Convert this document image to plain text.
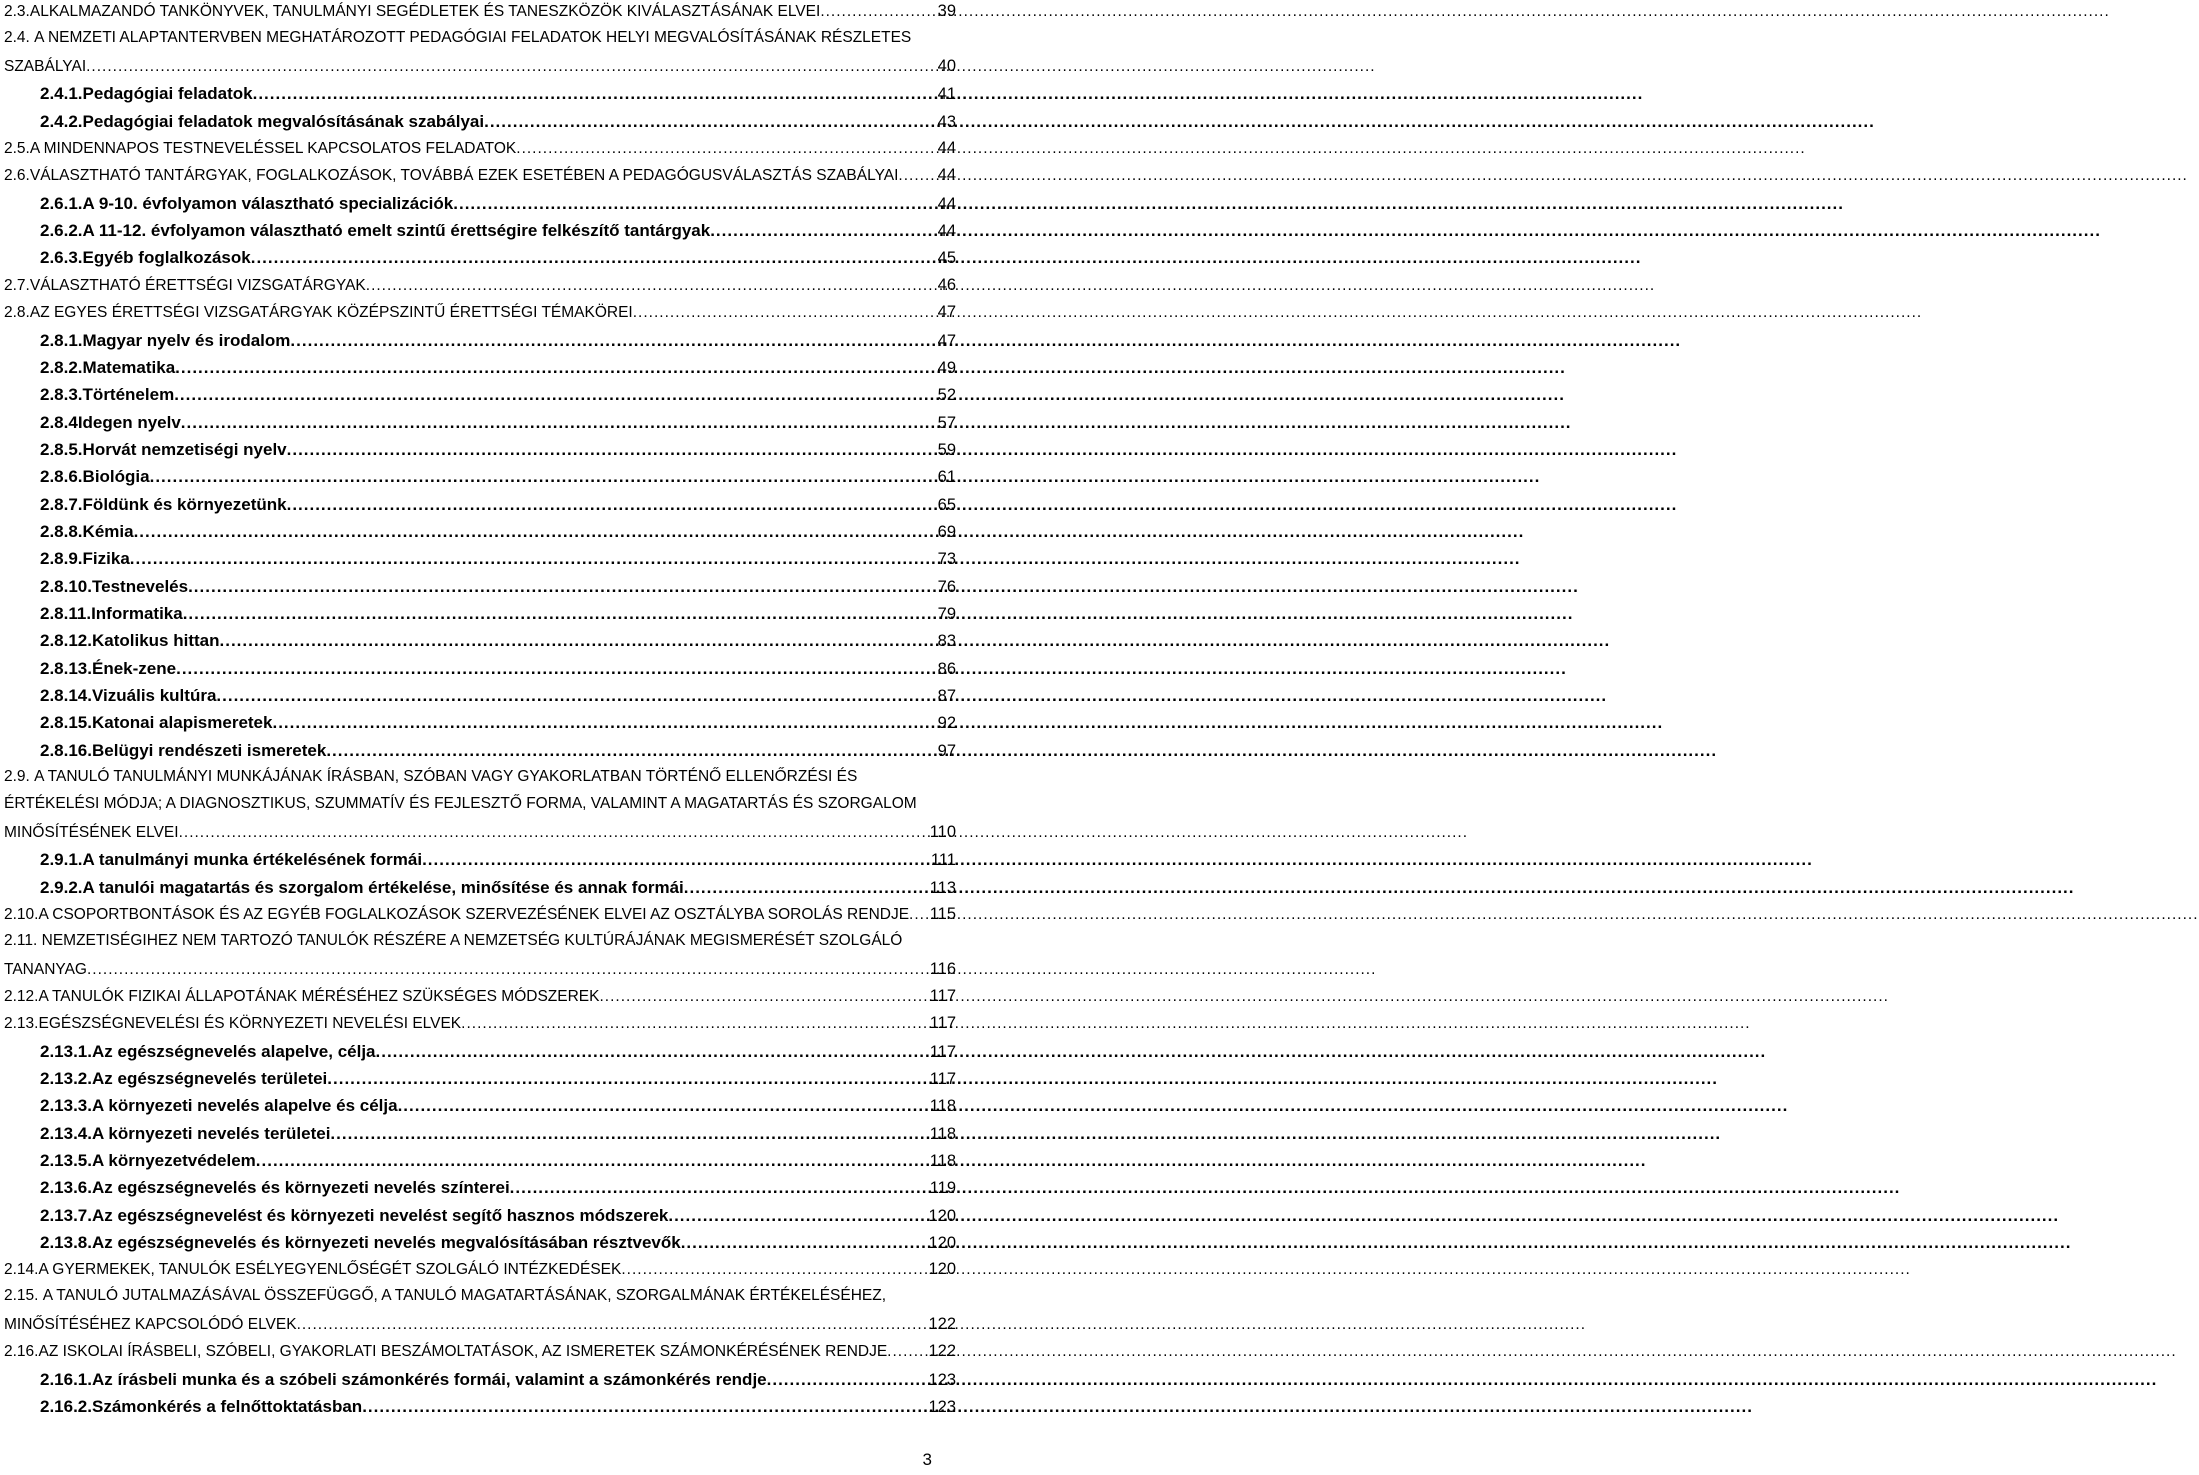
2.3. ALKALMAZANDÓ TANKÖNYVEK, TANULMÁNYI SEGÉDLETEK ÉS TANESZKÖZÖK KIVÁLASZTÁSÁNAK ELVEI .....	39
2.4. A NEMZETI ALAPTANTERVBEN MEGHATÁROZOTT PEDAGÓGIAI FELADATOK HELYI MEGVALÓSÍTÁSÁNAK RÉSZLETES
SZABÁLYAI .....	40
2.4.1. Pedagógiai feladatok .....	41
2.4.2. Pedagógiai feladatok megvalósításának szabályai .....	43
2.5. A MINDENNAPOS TESTNEVELÉSSEL KAPCSOLATOS FELADATOK .....	44
2.6. VÁLASZTHATÓ TANTÁRGYAK, FOGLALKOZÁSOK, TOVÁBBÁ EZEK ESETÉBEN A PEDAGÓGUSVÁLASZTÁS SZABÁLYAI ..... 44
2.6.1. A 9-10. évfolyamon választható specializációk .....	44
2.6.2. A 11-12. évfolyamon választható emelt szintű érettségire felkészítő tantárgyak .....	44
2.6.3. Egyéb foglalkozások .....	45
2.7. VÁLASZTHATÓ ÉRETTSÉGI VIZSGATÁRGYAK .....	46
2.8. AZ EGYES ÉRETTSÉGI VIZSGATÁRGYAK KÖZÉPSZINTŰ ÉRETTSÉGI TÉMAKÖREI .....	47
2.8.1. Magyar nyelv és irodalom .....	47
2.8.2. Matematika .....	49
2.8.3. Történelem .....	52
2.8.4 Idegen nyelv .....	57
2.8.5. Horvát nemzetiségi nyelv .....	59
2.8.6. Biológia .....	61
2.8.7. Földünk és környezetünk .....	65
2.8.8. Kémia .....	69
2.8.9. Fizika .....	73
2.8.10. Testnevelés .....	76
2.8.11. Informatika .....	79
2.8.12. Katolikus hittan .....	83
2.8.13. Ének-zene .....	86
2.8.14. Vizuális kultúra .....	87
2.8.15. Katonai alapismeretek .....	92
2.8.16. Belügyi rendészeti ismeretek .....	97
2.9. A TANULÓ TANULMÁNYI MUNKÁJÁNAK ÍRÁSBAN, SZÓBAN VAGY GYAKORLATBAN TÖRTÉNŐ ELLENŐRZÉSI ÉS
ÉRTÉKELÉSI MÓDJA; A DIAGNOSZTIKUS, SZUMMATÍV ÉS FEJLESZTŐ FORMA, VALAMINT A MAGATARTÁS ÉS SZORGALOM
MINŐSÍTÉSÉNEK ELVEI .....	110
2.9.1. A tanulmányi munka értékelésének formái .....	111
2.9.2. A tanulói magatartás és szorgalom értékelése, minősítése és annak formái .....	113
2.10. A CSOPORTBONTÁSOK ÉS AZ EGYÉB FOGLALKOZÁSOK SZERVEZÉSÉNEK ELVEI AZ OSZTÁLYBA SOROLÁS RENDJE ..... 115
2.11. NEMZETISÉGIHEZ NEM TARTOZÓ TANULÓK RÉSZÉRE A NEMZETSÉG KULTÚRÁJÁNAK MEGISMERÉSÉT SZOLGÁLÓ
TANANYAG .....	116
2.12. A TANULÓK FIZIKAI ÁLLAPOTÁNAK MÉRÉSÉHEZ SZÜKSÉGES MÓDSZEREK .....	117
2.13. EGÉSZSÉGNEVELÉSI ÉS KÖRNYEZETI NEVELÉSI ELVEK .....	117
2.13.1. Az egészségnevelés alapelve, célja .....	117
2.13.2. Az egészségnevelés területei .....	117
2.13.3. A környezeti nevelés alapelve és célja .....	118
2.13.4. A környezeti nevelés területei .....	118
2.13.5. A környezetvédelem .....	118
2.13.6. Az egészségnevelés és környezeti nevelés színterei .....	119
2.13.7. Az egészségnevelést és környezeti nevelést segítő hasznos módszerek .....	120
2.13.8. Az egészségnevelés és környezeti nevelés megvalósításában résztvevők .....	120
2.14. A GYERMEKEK, TANULÓK ESÉLYEGYENLŐSÉGÉT SZOLGÁLÓ INTÉZKEDÉSEK .....	120
2.15. A TANULÓ JUTALMAZÁSÁVAL ÖSSZEFÜGGŐ, A TANULÓ MAGATARTÁSÁNAK, SZORGALMÁNAK ÉRTÉKELÉSÉHEZ,
MINŐSÍTÉSÉHEZ KAPCSOLÓDÓ ELVEK .....	122
2.16. AZ ISKOLAI ÍRÁSBELI, SZÓBELI, GYAKORLATI BESZÁMOLTATÁSOK, AZ ISMERETEK SZÁMONKÉRÉSÉNEK RENDJE .....	122
2.16.1. Az írásbeli munka és a szóbeli számonkérés formái, valamint a számonkérés rendje .....	123
2.16.2. Számonkérés a felnőttoktatásban .....	123
3
